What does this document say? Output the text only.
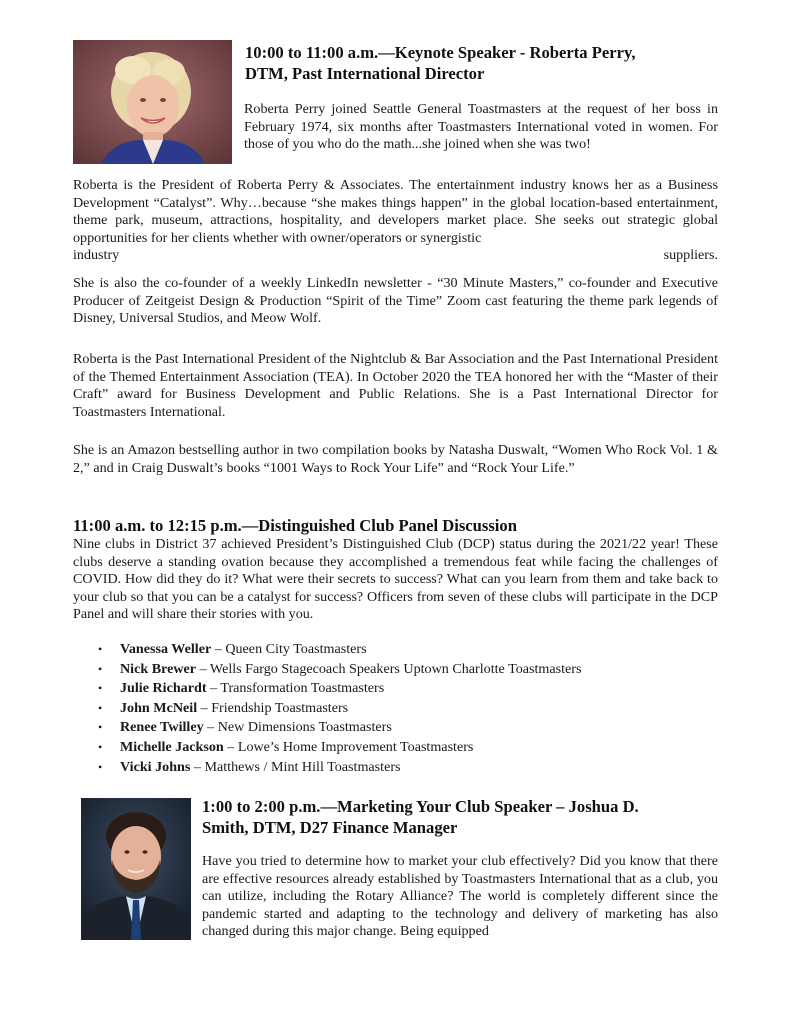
10:00 to 11:00 a.m.—Keynote Speaker - Roberta Perry,
DTM, Past International Director

Roberta Perry joined Seattle General Toastmasters at the request of her boss in February 1974, six months after Toastmasters International voted in women. For those of you who do the math...she joined when she was two!

Roberta is the President of Roberta Perry & Associates. The entertainment industry knows her as a Business Development “Catalyst”. Why…because “she makes things happen” in the global location-based entertainment, theme park, museum, attractions, hospitality, and developers market place. She seeks out strategic global opportunities for her clients whether with owner/operators or synergistic
industry	suppliers.

She is also the co-founder of a weekly LinkedIn newsletter - “30 Minute Masters,” co-founder and Executive Producer of Zeitgeist Design & Production “Spirit of the Time” Zoom cast featuring the theme park legends of Disney, Universal Studios, and Meow Wolf.

Roberta is the Past International President of the Nightclub & Bar Association and the Past International President of the Themed Entertainment Association (TEA). In October 2020 the TEA honored her with the “Master of their Craft” award for Business Development and Public Relations. She is a Past International Director for Toastmasters International.

She is an Amazon bestselling author in two compilation books by Natasha Duswalt, “Women Who Rock Vol. 1 & 2,” and in Craig Duswalt’s books “1001 Ways to Rock Your Life” and “Rock Your Life.”

11:00 a.m. to 12:15 p.m.—Distinguished Club Panel Discussion

Nine clubs in District 37 achieved President’s Distinguished Club (DCP) status during the 2021/22 year! These clubs deserve a standing ovation because they accomplished a tremendous feat while facing the challenges of COVID. How did they do it? What were their secrets to success? What can you learn from them and take back to your club so that you can be a catalyst for success? Officers from seven of these clubs will participate in the DCP Panel and will share their stories with you.

• Vanessa Weller – Queen City Toastmasters
• Nick Brewer – Wells Fargo Stagecoach Speakers Uptown Charlotte Toastmasters
• Julie Richardt – Transformation Toastmasters
• John McNeil – Friendship Toastmasters
• Renee Twilley – New Dimensions Toastmasters
• Michelle Jackson – Lowe’s Home Improvement Toastmasters
• Vicki Johns – Matthews / Mint Hill Toastmasters
1:00 to 2:00 p.m.—Marketing Your Club Speaker – Joshua D.
Smith, DTM, D27 Finance Manager

Have you tried to determine how to market your club effectively? Did you know that there are effective resources already established by Toastmasters International that as a club, you can utilize, including the Rotary Alliance? The world is completely different since the pandemic started and adapting to the technology and delivery of marketing has also changed during this major change. Being equipped
